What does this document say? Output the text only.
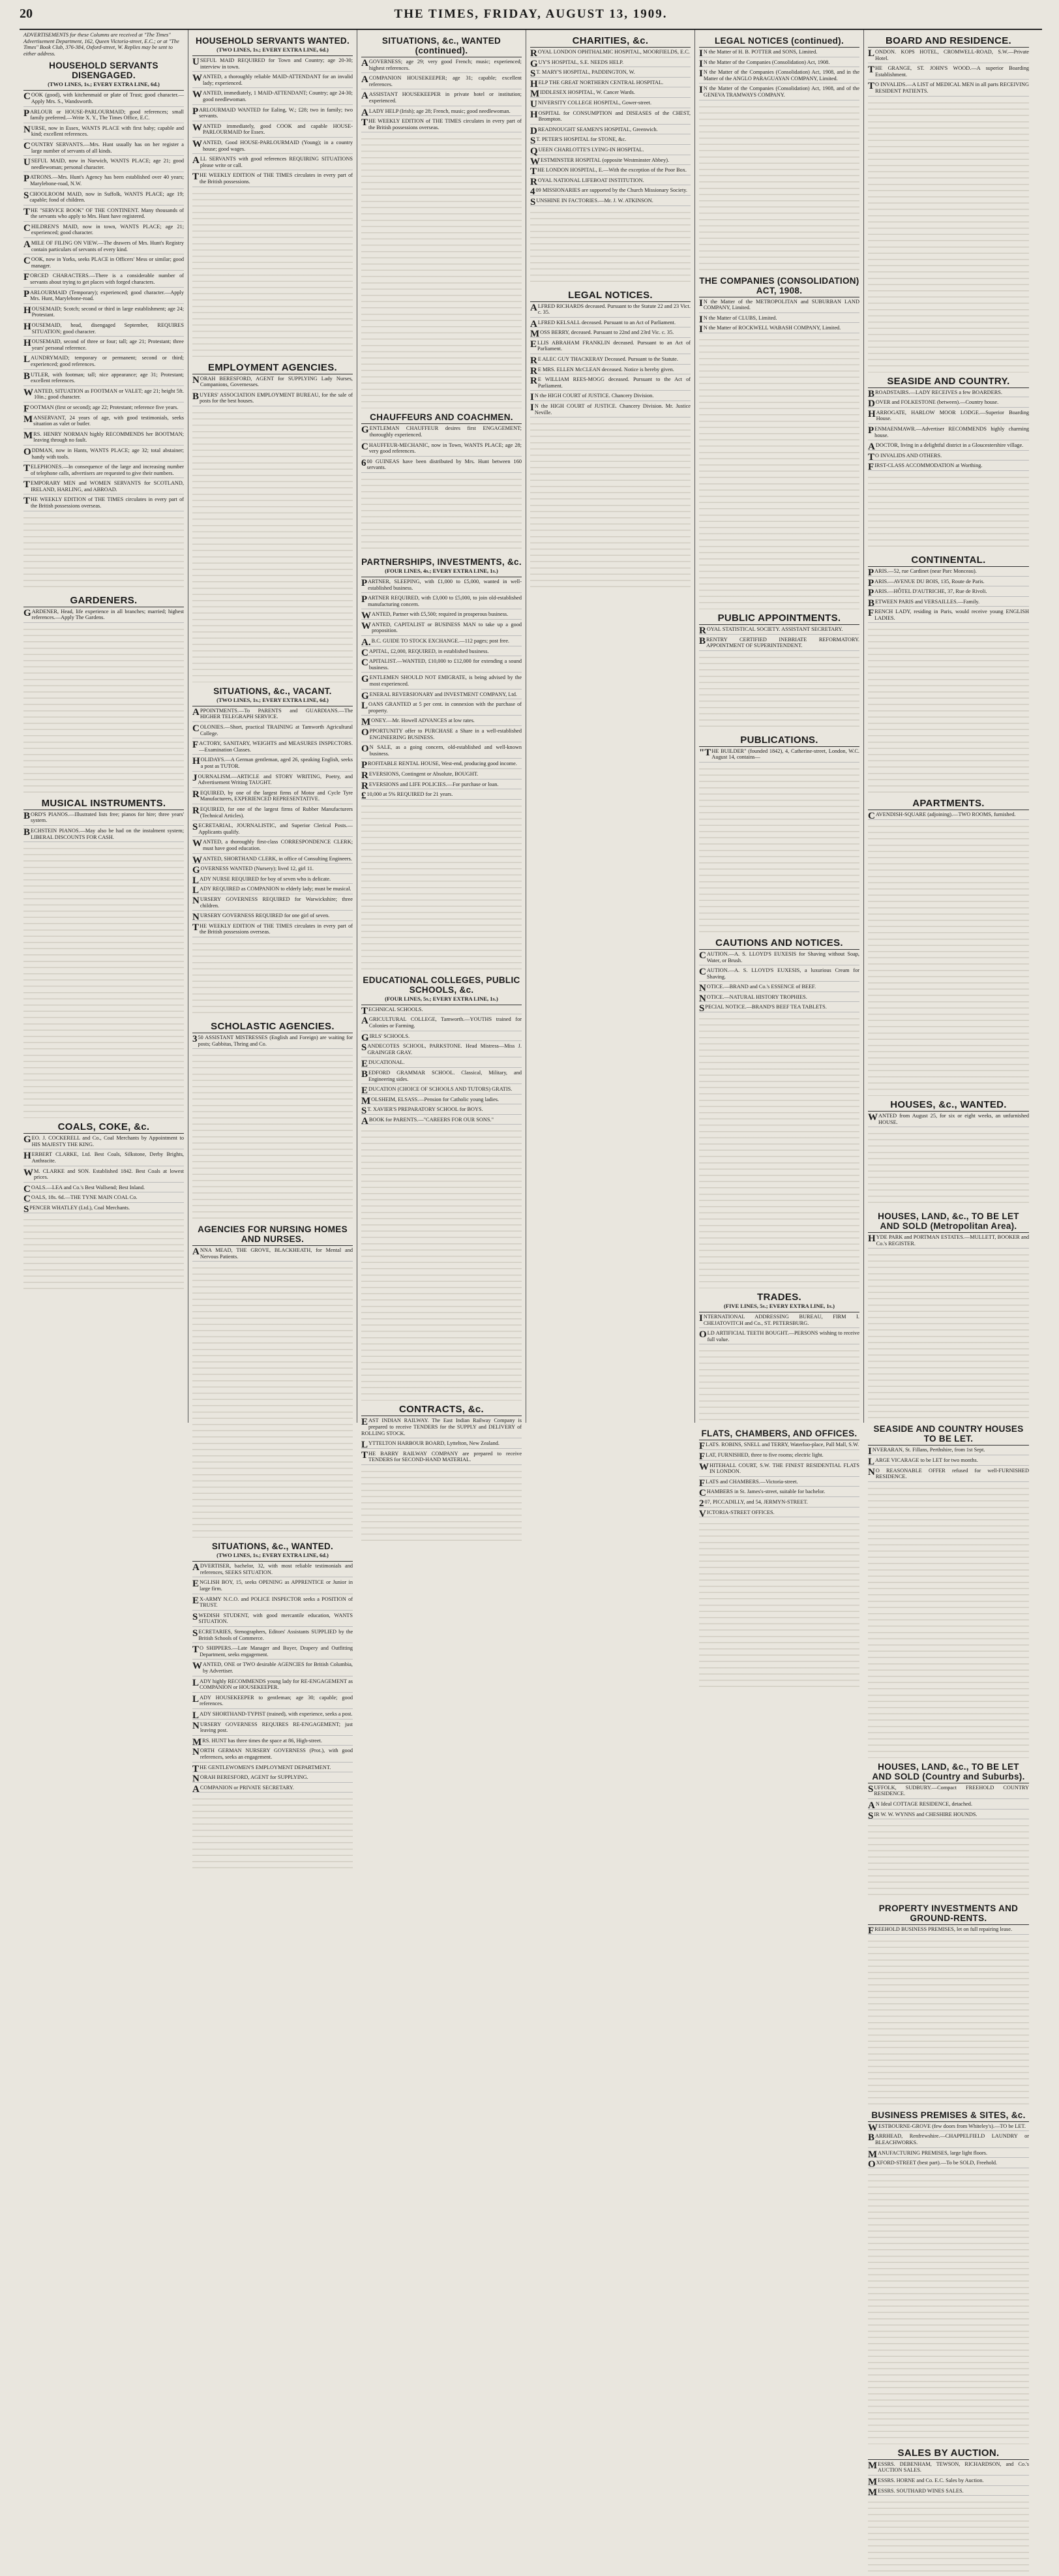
20	THE TIMES, FRIDAY, AUGUST 13, 1909.
ADVERTISEMENTS for these Columns are received at "The Times" Advertisement Department, 162, Queen Victoria-street, E.C.; or at "The Times" Book Club, 376-384, Oxford-street, W. Replies may be sent to either address.
HOUSEHOLD SERVANTS DISENGAGED.
(TWO LINES, 1s.; EVERY EXTRA LINE, 6d.)
COOK (good), with kitchenmaid or plate of Trust; good character.—Apply Mrs. S., Wandsworth.
PARLOUR or HOUSE-PARLOURMAID; good references; small family preferred.—Write X. Y., The Times Office, E.C.
NURSE, now in Essex, WANTS PLACE with first baby; capable and kind; excellent references.
COUNTRY SERVANTS.—Mrs. Hunt usually has on her register a large number of servants of all kinds.
USEFUL MAID, now in Norwich, WANTS PLACE; age 21; good needlewoman; personal character.
PATRONS.—Mrs. Hunt's Agency has been established over 40 years; Marylebone-road, N.W.
SCHOOLROOM MAID, now in Suffolk, WANTS PLACE; age 19; capable; fond of children.
THE "SERVICE BOOK" OF THE CONTINENT. Many thousands of the servants who apply to Mrs. Hunt have registered.
CHILDREN'S MAID, now in town, WANTS PLACE; age 21; experienced; good character.
AMILE OF FILING ON VIEW.—The drawers of Mrs. Hunt's Registry contain particulars of servants of every kind.
COOK, now in Yorks, seeks PLACE in Officers' Mess or similar; good manager.
FORCED CHARACTERS.—There is a considerable number of servants about trying to get places with forged characters.
PARLOURMAID (Temporary); experienced; good character.—Apply Mrs. Hunt, Marylebone-road.
HOUSEMAID; Scotch; second or third in large establishment; age 24; Protestant.
HOUSEMAID, head, disengaged September, REQUIRES SITUATION; good character.
HOUSEMAID, second of three or four; tall; age 21; Protestant; three years' personal reference.
LAUNDRYMAID; temporary or permanent; second or third; experienced; good references.
BUTLER, with footman; tall; nice appearance; age 31; Protestant; excellent references.
WANTED, SITUATION as FOOTMAN or VALET; age 21; height 5ft. 10in.; good character.
FOOTMAN (first or second); age 22; Protestant; reference five years.
MANSERVANT, 24 years of age, with good testimonials, seeks situation as valet or butler.
MRS. HENRY NORMAN highly RECOMMENDS her BOOTMAN; leaving through no fault.
ODDMAN, now in Hants, WANTS PLACE; age 32; total abstainer; handy with tools.
TELEPHONES.—In consequence of the large and increasing number of telephone calls, advertisers are requested to give their numbers.
TEMPORARY MEN and WOMEN SERVANTS for SCOTLAND, IRELAND, HARLING, and ABROAD.
THE WEEKLY EDITION of THE TIMES circulates in every part of the British possessions overseas.
GARDENERS.
GARDENER, Head, life experience in all branches; married; highest references.—Apply The Gardens.
MUSICAL INSTRUMENTS.
BORD'S PIANOS.—Illustrated lists free; pianos for hire; three years' system.
BECHSTEIN PIANOS.—May also be had on the instalment system; LIBERAL DISCOUNTS FOR CASH.
COALS, COKE, &c.
GEO. J. COCKERELL and Co., Coal Merchants by Appointment to HIS MAJESTY THE KING.
HERBERT CLARKE, Ltd. Best Coals, Silkstone, Derby Brights, Anthracite.
WM. CLARKE and SON. Established 1842. Best Coals at lowest prices.
COALS.—LEA and Co.'s Best Wallsend; Best Inland.
COALS, 18s. 6d.—THE TYNE MAIN COAL Co.
SPENCER WHATLEY (Ltd.), Coal Merchants.
HOUSEHOLD SERVANTS WANTED.
(TWO LINES, 1s.; EVERY EXTRA LINE, 6d.)
USEFUL MAID REQUIRED for Town and Country; age 20-30; interview in town.
WANTED, a thoroughly reliable MAID-ATTENDANT for an invalid lady; experienced.
WANTED, immediately, 1 MAID-ATTENDANT; Country; age 24-30; good needlewoman.
PARLOURMAID WANTED for Ealing, W.; £28; two in family; two servants.
WANTED immediately, good COOK and capable HOUSE-PARLOURMAID for Essex.
WANTED, Good HOUSE-PARLOURMAID (Young); in a country house; good wages.
ALL SERVANTS with good references REQUIRING SITUATIONS please write or call.
THE WEEKLY EDITION of THE TIMES circulates in every part of the British possessions.
EMPLOYMENT AGENCIES.
NORAH BERESFORD, AGENT for SUPPLYING Lady Nurses, Companions, Governesses.
BUYERS' ASSOCIATION EMPLOYMENT BUREAU, for the sale of posts for the best houses.
SITUATIONS, &c., VACANT.
(TWO LINES, 1s.; EVERY EXTRA LINE, 6d.)
APPOINTMENTS.—To PARENTS and GUARDIANS.—The HIGHER TELEGRAPH SERVICE.
COLONIES.—Short, practical TRAINING at Tamworth Agricultural College.
FACTORY, SANITARY, WEIGHTS and MEASURES INSPECTORS.—Examination Classes.
HOLIDAYS.—A German gentleman, aged 26, speaking English, seeks a post as TUTOR.
JOURNALISM.—ARTICLE and STORY WRITING, Poetry, and Advertisement Writing TAUGHT.
REQUIRED, by one of the largest firms of Motor and Cycle Tyre Manufacturers, EXPERIENCED REPRESENTATIVE.
REQUIRED, for one of the largest firms of Rubber Manufacturers (Technical Articles).
SECRETARIAL, JOURNALISTIC, and Superior Clerical Posts.—Applicants qualify.
WANTED, a thoroughly first-class CORRESPONDENCE CLERK; must have good education.
WANTED, SHORTHAND CLERK, in office of Consulting Engineers.
GOVERNESS WANTED (Nursery); lived 12, girl 11.
LADY NURSE REQUIRED for boy of seven who is delicate.
LADY REQUIRED as COMPANION to elderly lady; must be musical.
NURSERY GOVERNESS REQUIRED for Warwickshire; three children.
NURSERY GOVERNESS REQUIRED for one girl of seven.
THE WEEKLY EDITION of THE TIMES circulates in every part of the British possessions overseas.
SCHOLASTIC AGENCIES.
350 ASSISTANT MISTRESSES (English and Foreign) are waiting for posts; Gabbitas, Thring and Co.
AGENCIES FOR NURSING HOMES AND NURSES.
ANNA MEAD, THE GROVE, BLACKHEATH, for Mental and Nervous Patients.
SITUATIONS, &c., WANTED.
(TWO LINES, 1s.; EVERY EXTRA LINE, 6d.)
ADVERTISER, bachelor, 32, with most reliable testimonials and references, SEEKS SITUATION.
ENGLISH BOY, 15, seeks OPENING as APPRENTICE or Junior in large firm.
EX-ARMY N.C.O. and POLICE INSPECTOR seeks a POSITION of TRUST.
SWEDISH STUDENT, with good mercantile education, WANTS SITUATION.
SECRETARIES, Stenographers, Editors' Assistants SUPPLIED by the British Schools of Commerce.
TO SHIPPERS.—Late Manager and Buyer, Drapery and Outfitting Department, seeks engagement.
WANTED, ONE or TWO desirable AGENCIES for British Columbia, by Advertiser.
LADY highly RECOMMENDS young lady for RE-ENGAGEMENT as COMPANION or HOUSEKEEPER.
LADY HOUSEKEEPER to gentleman; age 30; capable; good references.
LADY SHORTHAND-TYPIST (trained), with experience, seeks a post.
NURSERY GOVERNESS REQUIRES RE-ENGAGEMENT; just leaving post.
MRS. HUNT has three times the space at 86, High-street.
NORTH GERMAN NURSERY GOVERNESS (Prot.), with good references, seeks an engagement.
THE GENTLEWOMEN'S EMPLOYMENT DEPARTMENT.
NORAH BERESFORD, AGENT for SUPPLYING.
ACOMPANION or PRIVATE SECRETARY.
SITUATIONS, &c., WANTED (continued).
AGOVERNESS; age 29; very good French; music; experienced; highest references.
ACOMPANION HOUSEKEEPER; age 31; capable; excellent references.
AASSISTANT HOUSEKEEPER in private hotel or institution; experienced.
ALADY HELP (Irish); age 28; French, music; good needlewoman.
THE WEEKLY EDITION of THE TIMES circulates in every part of the British possessions overseas.
CHAUFFEURS AND COACHMEN.
GENTLEMAN CHAUFFEUR desires first ENGAGEMENT; thoroughly experienced.
CHAUFFEUR-MECHANIC, now in Town, WANTS PLACE; age 28; very good references.
600 GUINEAS have been distributed by Mrs. Hunt between 160 servants.
PARTNERSHIPS, INVESTMENTS, &c.
(FOUR LINES, 4s.; EVERY EXTRA LINE, 1s.)
PARTNER, SLEEPING, with £1,000 to £5,000, wanted in well-established business.
PARTNER REQUIRED, with £3,000 to £5,000, to join old-established manufacturing concern.
WANTED, Partner with £5,500; required in prosperous business.
WANTED, CAPITALIST or BUSINESS MAN to take up a good proposition.
A.B.C. GUIDE TO STOCK EXCHANGE.—112 pages; post free.
CAPITAL, £2,000, REQUIRED, in established business.
CAPITALIST.—WANTED, £10,000 to £12,000 for extending a sound business.
GENTLEMEN SHOULD NOT EMIGRATE, is being advised by the most experienced.
GENERAL REVERSIONARY and INVESTMENT COMPANY, Ltd.
LOANS GRANTED at 5 per cent. in connexion with the purchase of property.
MONEY.—Mr. Howell ADVANCES at low rates.
OPPORTUNITY offer to PURCHASE a Share in a well-established ENGINEERING BUSINESS.
ON SALE, as a going concern, old-established and well-known business.
PROFITABLE RENTAL HOUSE, West-end, producing good income.
REVERSIONS, Contingent or Absolute, BOUGHT.
REVERSIONS and LIFE POLICIES.—For purchase or loan.
£10,000 at 5% REQUIRED for 21 years.
EDUCATIONAL COLLEGES, PUBLIC SCHOOLS, &c.
(FOUR LINES, 5s.; EVERY EXTRA LINE, 1s.)
TECHNICAL SCHOOLS.
AGRICULTURAL COLLEGE, Tamworth.—YOUTHS trained for Colonies or Farming.
GIRLS' SCHOOLS.
SANDECOTES SCHOOL, PARKSTONE. Head Mistress—Miss J. GRAINGER GRAY.
EDUCATIONAL.
BEDFORD GRAMMAR SCHOOL. Classical, Military, and Engineering sides.
EDUCATION (CHOICE OF SCHOOLS AND TUTORS) GRATIS.
MOLSHEIM, ELSASS.—Pension for Catholic young ladies.
ST. XAVIER'S PREPARATORY SCHOOL for BOYS.
ABOOK for PARENTS.—"CAREERS FOR OUR SONS."
CONTRACTS, &c.
EAST INDIAN RAILWAY. The East Indian Railway Company is prepared to receive TENDERS for the SUPPLY and DELIVERY of ROLLING STOCK.
LYTTELTON HARBOUR BOARD, Lyttelton, New Zealand.
THE BARRY RAILWAY COMPANY are prepared to receive TENDERS for SECOND-HAND MATERIAL.
CHARITIES, &c.
ROYAL LONDON OPHTHALMIC HOSPITAL, MOORFIELDS, E.C.
GUY'S HOSPITAL, S.E. NEEDS HELP.
ST. MARY'S HOSPITAL, PADDINGTON, W.
HELP THE GREAT NORTHERN CENTRAL HOSPITAL.
MIDDLESEX HOSPITAL, W. Cancer Wards.
UNIVERSITY COLLEGE HOSPITAL, Gower-street.
HOSPITAL for CONSUMPTION and DISEASES of the CHEST, Brompton.
DREADNOUGHT SEAMEN'S HOSPITAL, Greenwich.
ST. PETER'S HOSPITAL for STONE, &c.
QUEEN CHARLOTTE'S LYING-IN HOSPITAL.
WESTMINSTER HOSPITAL (opposite Westminster Abbey).
THE LONDON HOSPITAL, E.—With the exception of the Poor Box.
ROYAL NATIONAL LIFEBOAT INSTITUTION.
409 MISSIONARIES are supported by the Church Missionary Society.
SUNSHINE IN FACTORIES.—Mr. J. W. ATKINSON.
LEGAL NOTICES.
ALFRED RICHARDS deceased. Pursuant to the Statute 22 and 23 Vict. c. 35.
ALFRED KELSALL deceased. Pursuant to an Act of Parliament.
MOSS BERRY, deceased. Pursuant to 22nd and 23rd Vic. c. 35.
ELLIS ABRAHAM FRANKLIN deceased. Pursuant to an Act of Parliament.
RE ALEC GUY THACKERAY Deceased. Pursuant to the Statute.
RE MRS. ELLEN McCLEAN deceased. Notice is hereby given.
RE WILLIAM REES-MOGG deceased. Pursuant to the Act of Parliament.
IN the HIGH COURT of JUSTICE. Chancery Division.
IN the HIGH COURT of JUSTICE. Chancery Division. Mr. Justice Neville.
LEGAL NOTICES (continued).
IN the Matter of H. B. POTTER and SONS, Limited.
IN the Matter of the Companies (Consolidation) Act, 1908.
IN the Matter of the Companies (Consolidation) Act, 1908, and in the Matter of the ANGLO PARAGUAYAN COMPANY, Limited.
IN the Matter of the Companies (Consolidation) Act, 1908, and of the GENEVA TRAMWAYS COMPANY.
THE COMPANIES (CONSOLIDATION) ACT, 1908.
IN the Matter of the METROPOLITAN and SUBURBAN LAND COMPANY, Limited.
IN the Matter of CLUBS, Limited.
IN the Matter of ROCKWELL WABASH COMPANY, Limited.
PUBLIC APPOINTMENTS.
ROYAL STATISTICAL SOCIETY. ASSISTANT SECRETARY.
BRENTRY CERTIFIED INEBRIATE REFORMATORY. APPOINTMENT OF SUPERINTENDENT.
PUBLICATIONS.
"THE BUILDER" (founded 1842), 4, Catherine-street, London, W.C. August 14, contains—
CAUTIONS AND NOTICES.
CAUTION.—A. S. LLOYD'S EUXESIS for Shaving without Soap, Water, or Brush.
CAUTION.—A. S. LLOYD'S EUXESIS, a luxurious Cream for Shaving.
NOTICE.—BRAND and Co.'s ESSENCE of BEEF.
NOTICE.—NATURAL HISTORY TROPHIES.
SPECIAL NOTICE.—BRAND'S BEEF TEA TABLETS.
TRADES.
(FIVE LINES, 5s.; EVERY EXTRA LINE, 1s.)
INTERNATIONAL ADDRESSING BUREAU, FIRM I. CHEJATOVITCH and Co., ST. PETERSBURG.
OLD ARTIFICIAL TEETH BOUGHT.—PERSONS wishing to receive full value.
FLATS, CHAMBERS, AND OFFICES.
FLATS. ROBINS, SNELL and TERRY, Waterloo-place, Pall Mall, S.W.
FLAT, FURNISHED, three to five rooms; electric light.
WHITEHALL COURT, S.W. THE FINEST RESIDENTIAL FLATS IN LONDON.
FLATS and CHAMBERS.—Victoria-street.
CHAMBERS in St. James's-street, suitable for bachelor.
207, PICCADILLY, and 54, JERMYN-STREET.
VICTORIA-STREET OFFICES.
BOARD AND RESIDENCE.
LONDON. KOPS HOTEL, CROMWELL-ROAD, S.W.—Private Hotel.
THE GRANGE, ST. JOHN'S WOOD.—A superior Boarding Establishment.
TO INVALIDS.—A LIST of MEDICAL MEN in all parts RECEIVING RESIDENT PATIENTS.
SEASIDE AND COUNTRY.
BROADSTAIRS.—LADY RECEIVES a few BOARDERS.
DOVER and FOLKESTONE (between).—Country house.
HARROGATE, HARLOW MOOR LODGE.—Superior Boarding House.
PENMAENMAWR.—Advertiser RECOMMENDS highly charming house.
ADOCTOR, living in a delightful district in a Gloucestershire village.
TO INVALIDS AND OTHERS.
FIRST-CLASS ACCOMMODATION at Worthing.
CONTINENTAL.
PARIS.—52, rue Cardinet (near Parc Monceau).
PARIS.—AVENUE DU BOIS, 135, Route de Paris.
PARIS.—HÔTEL D'AUTRICHE, 37, Rue de Rivoli.
BETWEEN PARIS and VERSAILLES.—Family.
FRENCH LADY, residing in Paris, would receive young ENGLISH LADIES.
APARTMENTS.
CAVENDISH-SQUARE (adjoining).—TWO ROOMS, furnished.
HOUSES, &c., WANTED.
WANTED from August 25, for six or eight weeks, an unfurnished HOUSE.
HOUSES, LAND, &c., TO BE LET AND SOLD (Metropolitan Area).
HYDE PARK and PORTMAN ESTATES.—MULLETT, BOOKER and Co.'s REGISTER.
SEASIDE AND COUNTRY HOUSES TO BE LET.
INVERARAN, St. Fillans, Perthshire, from 1st Sept.
LARGE VICARAGE to be LET for two months.
NO REASONABLE OFFER refused for well-FURNISHED RESIDENCE.
HOUSES, LAND, &c., TO BE LET AND SOLD (Country and Suburbs).
SUFFOLK, SUDBURY.—Compact FREEHOLD COUNTRY RESIDENCE.
AN Ideal COTTAGE RESIDENCE, detached.
SIR W. W. WYNNS and CHESHIRE HOUNDS.
PROPERTY INVESTMENTS AND GROUND-RENTS.
FREEHOLD BUSINESS PREMISES, let on full repairing lease.
BUSINESS PREMISES & SITES, &c.
WESTBOURNE-GROVE (few doors from Whiteley's).—TO be LET.
BARRHEAD, Renfrewshire.—CHAPPELFIELD LAUNDRY or BLEACHWORKS.
MANUFACTURING PREMISES, large light floors.
OXFORD-STREET (best part).—To be SOLD, Freehold.
SALES BY AUCTION.
MESSRS. DEBENHAM, TEWSON, RICHARDSON, and Co.'s AUCTION SALES.
MESSRS. HORNE and Co. E.C. Sales by Auction.
MESSRS. SOUTHARD WINES SALES.
